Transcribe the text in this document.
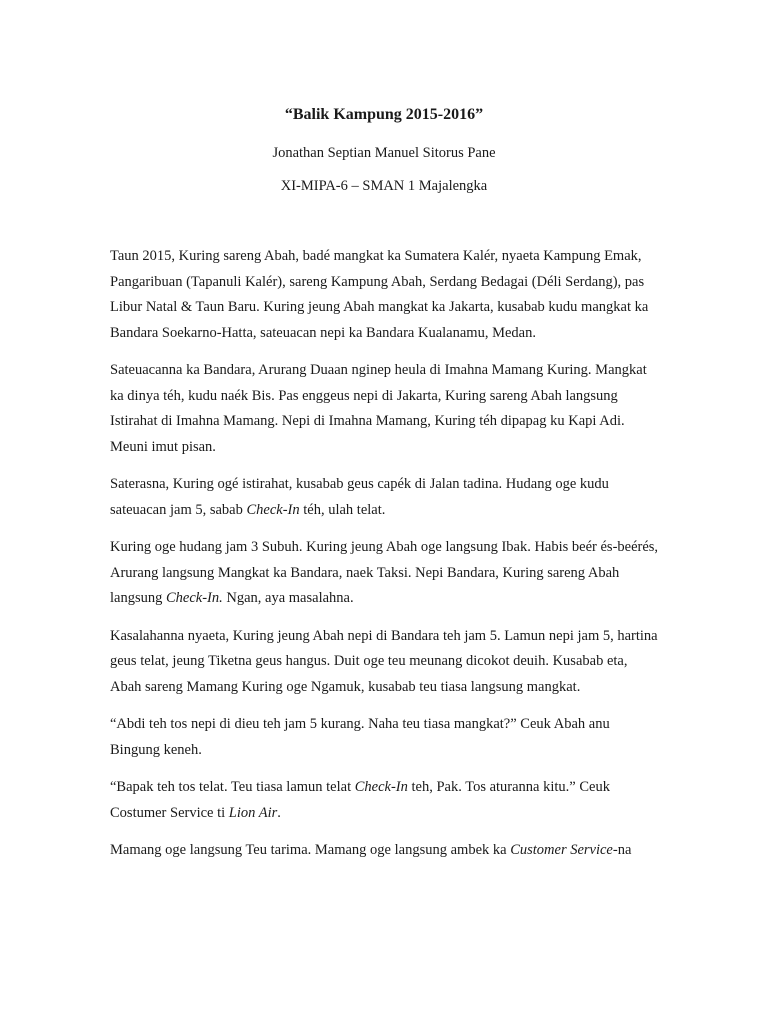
“Balik Kampung 2015-2016”
Jonathan Septian Manuel Sitorus Pane
XI-MIPA-6 – SMAN 1 Majalengka

Taun 2015, Kuring sareng Abah, badé mangkat ka Sumatera Kalér, nyaeta Kampung Emak, Pangaribuan (Tapanuli Kalér), sareng Kampung Abah, Serdang Bedagai (Déli Serdang), pas Libur Natal & Taun Baru. Kuring jeung Abah mangkat ka Jakarta, kusabab kudu mangkat ka Bandara Soekarno-Hatta, sateuacan nepi ka Bandara Kualanamu, Medan.

Sateuacanna ka Bandara, Arurang Duaan nginep heula di Imahna Mamang Kuring. Mangkat ka dinya téh, kudu naék Bis. Pas enggeus nepi di Jakarta, Kuring sareng Abah langsung Istirahat di Imahna Mamang. Nepi di Imahna Mamang, Kuring téh dipapag ku Kapi Adi. Meuni imut pisan.

Saterasna, Kuring ogé istirahat, kusabab geus capék di Jalan tadina. Hudang oge kudu sateuacan jam 5, sabab Check-In téh, ulah telat.

Kuring oge hudang jam 3 Subuh. Kuring jeung Abah oge langsung Ibak. Habis beér és-beérés, Arurang langsung Mangkat ka Bandara, naek Taksi. Nepi Bandara, Kuring sareng Abah langsung Check-In. Ngan, aya masalahna.

Kasalahanna nyaeta, Kuring jeung Abah nepi di Bandara teh jam 5. Lamun nepi jam 5, hartina geus telat, jeung Tiketna geus hangus. Duit oge teu meunang dicokot deuih. Kusabab eta, Abah sareng Mamang Kuring oge Ngamuk, kusabab teu tiasa langsung mangkat.

“Abdi teh tos nepi di dieu teh jam 5 kurang. Naha teu tiasa mangkat?” Ceuk Abah anu Bingung keneh.

“Bapak teh tos telat. Teu tiasa lamun telat Check-In teh, Pak. Tos aturanna kitu.” Ceuk Costumer Service ti Lion Air.

Mamang oge langsung Teu tarima. Mamang oge langsung ambek ka Customer Service-na
